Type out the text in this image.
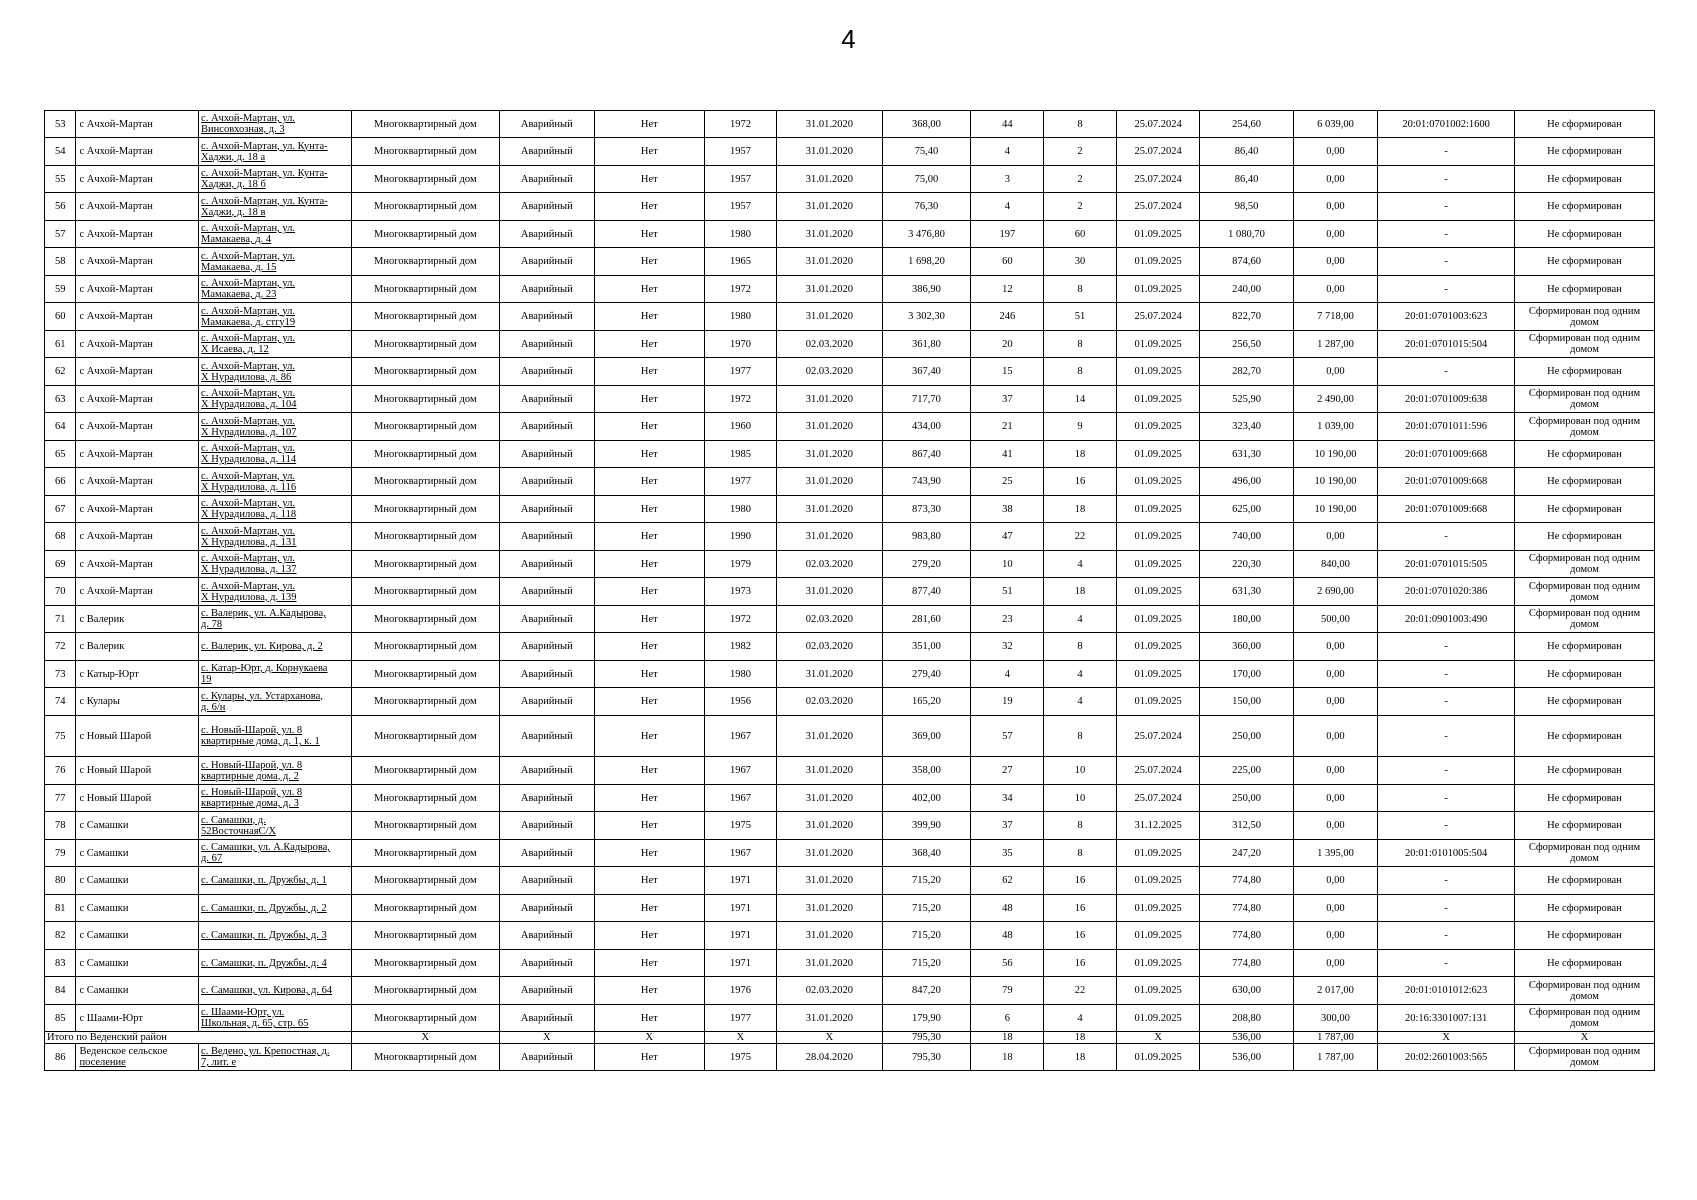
4
53	с Ачхой-Мартан	с. Ачхой-Мартан, ул.
Винсовхозная, д. 3	Многоквартирный дом	Аварийный	Нет	1972	31.01.2020	368,00	44	8	25.07.2024	254,60	6 039,00	20:01:0701002:1600	Не сформирован
54	с Ачхой-Мартан	с. Ачхой-Мартан, ул. Кунта-
Хаджи, д. 18 а	Многоквартирный дом	Аварийный	Нет	1957	31.01.2020	75,40	4	2	25.07.2024	86,40	0,00	-	Не сформирован
55	с Ачхой-Мартан	с. Ачхой-Мартан, ул. Кунта-
Хаджи, д. 18 б	Многоквартирный дом	Аварийный	Нет	1957	31.01.2020	75,00	3	2	25.07.2024	86,40	0,00	-	Не сформирован
56	с Ачхой-Мартан	с. Ачхой-Мартан, ул. Кунта-
Хаджи, д. 18 в	Многоквартирный дом	Аварийный	Нет	1957	31.01.2020	76,30	4	2	25.07.2024	98,50	0,00	-	Не сформирован
57	с Ачхой-Мартан	с. Ачхой-Мартан, ул.
Мамакаева, д. 4	Многоквартирный дом	Аварийный	Нет	1980	31.01.2020	3 476,80	197	60	01.09.2025	1 080,70	0,00	-	Не сформирован
58	с Ачхой-Мартан	с. Ачхой-Мартан, ул.
Мамакаева, д. 15	Многоквартирный дом	Аварийный	Нет	1965	31.01.2020	1 698,20	60	30	01.09.2025	874,60	0,00	-	Не сформирован
59	с Ачхой-Мартан	с. Ачхой-Мартан, ул.
Мамакаева, д. 23	Многоквартирный дом	Аварийный	Нет	1972	31.01.2020	386,90	12	8	01.09.2025	240,00	0,00	-	Не сформирован
60	с Ачхой-Мартан	с. Ачхой-Мартан, ул.
Мамакаева, д. стгу19	Многоквартирный дом	Аварийный	Нет	1980	31.01.2020	3 302,30	246	51	25.07.2024	822,70	7 718,00	20:01:0701003:623	Сформирован под одним
домом
61	с Ачхой-Мартан	с. Ачхой-Мартан, ул.
Х Исаева, д. 12	Многоквартирный дом	Аварийный	Нет	1970	02.03.2020	361,80	20	8	01.09.2025	256,50	1 287,00	20:01:0701015:504	Сформирован под одним
домом
62	с Ачхой-Мартан	с. Ачхой-Мартан, ул.
Х Нурадилова, д. 86	Многоквартирный дом	Аварийный	Нет	1977	02.03.2020	367,40	15	8	01.09.2025	282,70	0,00	-	Не сформирован
63	с Ачхой-Мартан	с. Ачхой-Мартан, ул.
Х Нурадилова, д. 104	Многоквартирный дом	Аварийный	Нет	1972	31.01.2020	717,70	37	14	01.09.2025	525,90	2 490,00	20:01:0701009:638	Сформирован под одним
домом
64	с Ачхой-Мартан	с. Ачхой-Мартан, ул.
Х Нурадилова, д. 107	Многоквартирный дом	Аварийный	Нет	1960	31.01.2020	434,00	21	9	01.09.2025	323,40	1 039,00	20:01:0701011:596	Сформирован под одним
домом
65	с Ачхой-Мартан	с. Ачхой-Мартан, ул.
Х Нурадилова, д. 114	Многоквартирный дом	Аварийный	Нет	1985	31.01.2020	867,40	41	18	01.09.2025	631,30	10 190,00	20:01:0701009:668	Не сформирован
66	с Ачхой-Мартан	с. Ачхой-Мартан, ул.
Х Нурадилова, д. 116	Многоквартирный дом	Аварийный	Нет	1977	31.01.2020	743,90	25	16	01.09.2025	496,00	10 190,00	20:01:0701009:668	Не сформирован
67	с Ачхой-Мартан	с. Ачхой-Мартан, ул.
Х Нурадилова, д. 118	Многоквартирный дом	Аварийный	Нет	1980	31.01.2020	873,30	38	18	01.09.2025	625,00	10 190,00	20:01:0701009:668	Не сформирован
68	с Ачхой-Мартан	с. Ачхой-Мартан, ул.
Х Нурадилова, д. 131	Многоквартирный дом	Аварийный	Нет	1990	31.01.2020	983,80	47	22	01.09.2025	740,00	0,00	-	Не сформирован
69	с Ачхой-Мартан	с. Ачхой-Мартан, ул.
Х Нурадилова, д. 137	Многоквартирный дом	Аварийный	Нет	1979	02.03.2020	279,20	10	4	01.09.2025	220,30	840,00	20:01:0701015:505	Сформирован под одним
домом
70	с Ачхой-Мартан	с. Ачхой-Мартан, ул.
Х Нурадилова, д. 139	Многоквартирный дом	Аварийный	Нет	1973	31.01.2020	877,40	51	18	01.09.2025	631,30	2 690,00	20:01:0701020:386	Сформирован под одним
домом
71	с Валерик	с. Валерик, ул. А.Кадырова,
д. 78	Многоквартирный дом	Аварийный	Нет	1972	02.03.2020	281,60	23	4	01.09.2025	180,00	500,00	20:01:0901003:490	Сформирован под одним
домом
72	с Валерик	с. Валерик, ул. Кирова, д. 2	Многоквартирный дом	Аварийный	Нет	1982	02.03.2020	351,00	32	8	01.09.2025	360,00	0,00	-	Не сформирован
73	с Катыр-Юрт	с. Катар-Юрт, д. Корнукаева
19	Многоквартирный дом	Аварийный	Нет	1980	31.01.2020	279,40	4	4	01.09.2025	170,00	0,00	-	Не сформирован
74	с Кулары	с. Кулары, ул. Устарханова,
д. 6/н	Многоквартирный дом	Аварийный	Нет	1956	02.03.2020	165,20	19	4	01.09.2025	150,00	0,00	-	Не сформирован
75	с Новый Шарой	с. Новый-Шарой, ул. 8
квартирные дома, д. 1, к. 1	Многоквартирный дом	Аварийный	Нет	1967	31.01.2020	369,00	57	8	25.07.2024	250,00	0,00	-	Не сформирован
76	с Новый Шарой	с. Новый-Шарой, ул. 8
квартирные дома, д. 2	Многоквартирный дом	Аварийный	Нет	1967	31.01.2020	358,00	27	10	25.07.2024	225,00	0,00	-	Не сформирован
77	с Новый Шарой	с. Новый-Шарой, ул. 8
квартирные дома, д. 3	Многоквартирный дом	Аварийный	Нет	1967	31.01.2020	402,00	34	10	25.07.2024	250,00	0,00	-	Не сформирован
78	с Самашки	с. Самашки, д.
52ВосточнаяС/Х	Многоквартирный дом	Аварийный	Нет	1975	31.01.2020	399,90	37	8	31.12.2025	312,50	0,00	-	Не сформирован
79	с Самашки	с. Самашки, ул. А.Кадырова,
д. 67	Многоквартирный дом	Аварийный	Нет	1967	31.01.2020	368,40	35	8	01.09.2025	247,20	1 395,00	20:01:0101005:504	Сформирован под одним
домом
80	с Самашки	с. Самашки, п. Дружбы, д. 1	Многоквартирный дом	Аварийный	Нет	1971	31.01.2020	715,20	62	16	01.09.2025	774,80	0,00	-	Не сформирован
81	с Самашки	с. Самашки, п. Дружбы, д. 2	Многоквартирный дом	Аварийный	Нет	1971	31.01.2020	715,20	48	16	01.09.2025	774,80	0,00	-	Не сформирован
82	с Самашки	с. Самашки, п. Дружбы, д. 3	Многоквартирный дом	Аварийный	Нет	1971	31.01.2020	715,20	48	16	01.09.2025	774,80	0,00	-	Не сформирован
83	с Самашки	с. Самашки, п. Дружбы, д. 4	Многоквартирный дом	Аварийный	Нет	1971	31.01.2020	715,20	56	16	01.09.2025	774,80	0,00	-	Не сформирован
84	с Самашки	с. Самашки, ул. Кирова, д. 64	Многоквартирный дом	Аварийный	Нет	1976	02.03.2020	847,20	79	22	01.09.2025	630,00	2 017,00	20:01:0101012:623	Сформирован под одним
домом
85	с Шаами-Юрт	с. Шаами-Юрт, ул.
Школьная, д. 65, стр. 65	Многоквартирный дом	Аварийный	Нет	1977	31.01.2020	179,90	6	4	01.09.2025	208,80	300,00	20:16:3301007:131	Сформирован под одним
домом
Итого по Веденский район			X	X	X	X	X	795,30	18	18	X	536,00	1 787,00	X	X
86	Веденское сельское
поселение	с. Ведено, ул. Крепостная, д.
7, лит. е	Многоквартирный дом	Аварийный	Нет	1975	28.04.2020	795,30	18	18	01.09.2025	536,00	1 787,00	20:02:2601003:565	Сформирован под одним
домом
